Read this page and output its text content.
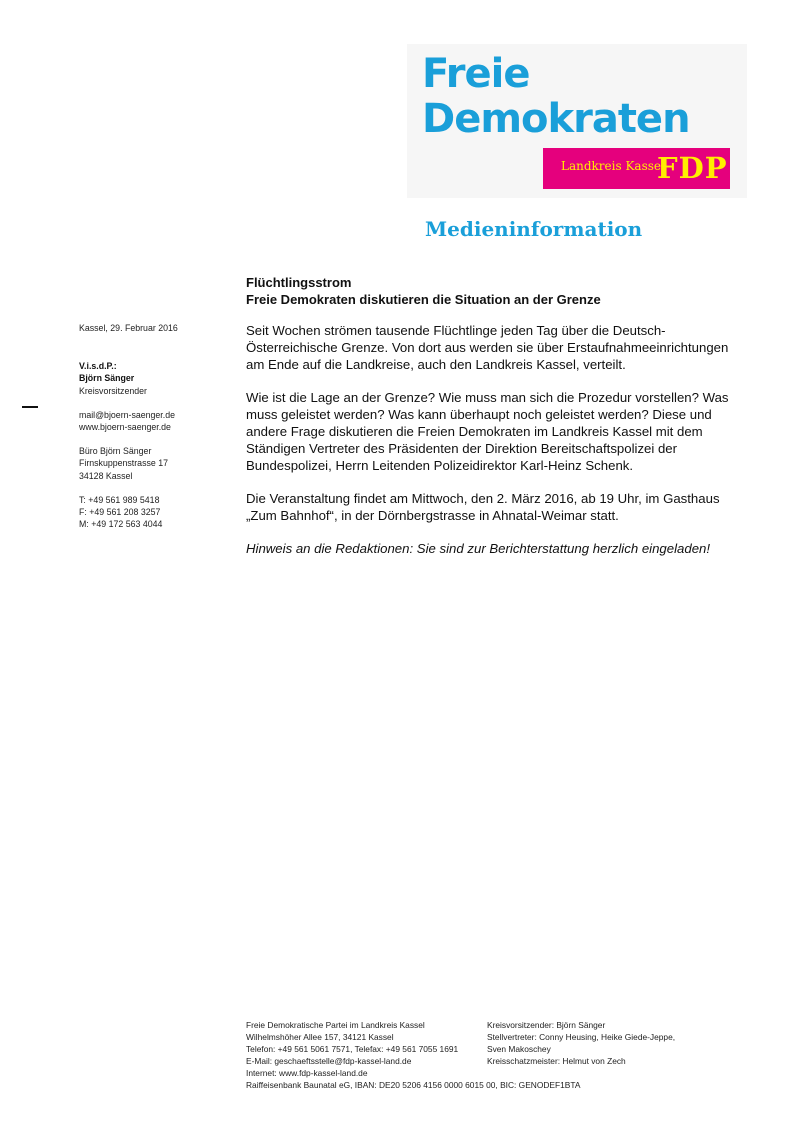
Freie
Demokraten
Landkreis Kassel
FDP
Medieninformation
Flüchtlingsstrom
Freie Demokraten diskutieren die Situation an der Grenze

Seit Wochen strömen tausende Flüchtlinge jeden Tag über die Deutsch-Österreichische Grenze. Von dort aus werden sie über Erstaufnahmeeinrichtungen am Ende auf die Landkreise, auch den Landkreis Kassel, verteilt.

Wie ist die Lage an der Grenze? Wie muss man sich die Prozedur vorstellen? Was muss geleistet werden? Was kann überhaupt noch geleistet werden? Diese und andere Frage diskutieren die Freien Demokraten im Landkreis Kassel mit dem Ständigen Vertreter des Präsidenten der Direktion Bereitschaftspolizei der Bundespolizei, Herrn Leitenden Polizeidirektor Karl-Heinz Schenk.

Die Veranstaltung findet am Mittwoch, den 2. März 2016, ab 19 Uhr, im Gasthaus „Zum Bahnhof“, in der Dörnbergstrasse in Ahnatal-Weimar statt.

Hinweis an die Redaktionen: Sie sind zur Berichterstattung herzlich eingeladen!

Kassel, 29. Februar 2016
V.i.s.d.P.:
Björn Sänger
Kreisvorsitzender
mail@bjoern-saenger.de
www.bjoern-saenger.de
Büro Björn Sänger
Firnskuppenstrasse 17
34128 Kassel
T: +49 561 989 5418
F: +49 561 208 3257
M: +49 172 563 4044
Freie Demokratische Partei im Landkreis Kassel
Wilhelmshöher Allee 157, 34121 Kassel
Telefon: +49 561 5061 7571, Telefax: +49 561 7055 1691
E-Mail: geschaeftsstelle@fdp-kassel-land.de
Internet: www.fdp-kassel-land.de
Kreisvorsitzender: Björn Sänger
Stellvertreter: Conny Heusing, Heike Giede-Jeppe,
Sven Makoschey
Kreisschatzmeister: Helmut von Zech
Raiffeisenbank Baunatal eG, IBAN: DE20 5206 4156 0000 6015 00, BIC: GENODEF1BTA
